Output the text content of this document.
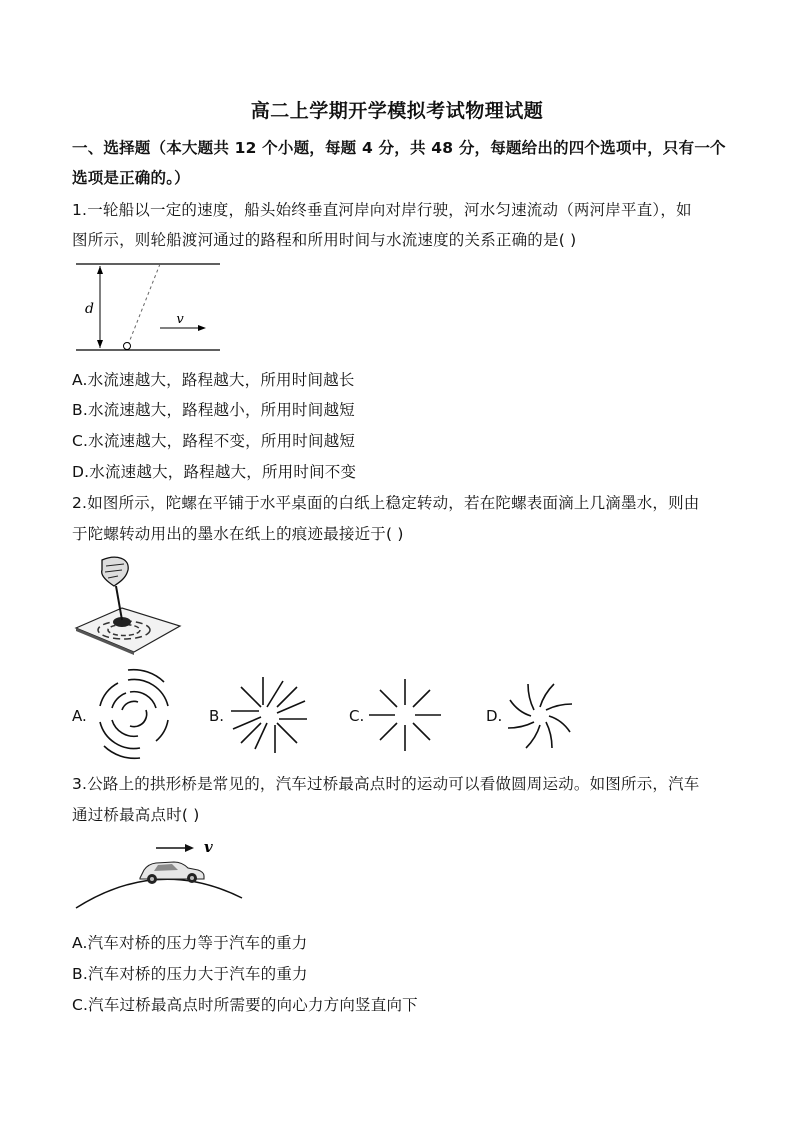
高二上学期开学模拟考试物理试题
一、选择题（本大题共 12 个小题，每题 4 分，共 48 分，每题给出的四个选项中，只有一个
选项是正确的。）
1.一轮船以一定的速度，船头始终垂直河岸向对岸行驶，河水匀速流动（两河岸平直），如
图所示，则轮船渡河通过的路程和所用时间与水流速度的关系正确的是( )
d
v
A.水流速越大，路程越大，所用时间越长
B.水流速越大，路程越小，所用时间越短
C.水流速越大，路程不变，所用时间越短
D.水流速越大，路程越大，所用时间不变
2.如图所示，陀螺在平铺于水平桌面的白纸上稳定转动，若在陀螺表面滴上几滴墨水，则由
于陀螺转动用出的墨水在纸上的痕迹最接近于( )
A.	B.	C.	D.
3.公路上的拱形桥是常见的，汽车过桥最高点时的运动可以看做圆周运动。如图所示，汽车
通过桥最高点时( )
v
A.汽车对桥的压力等于汽车的重力
B.汽车对桥的压力大于汽车的重力
C.汽车过桥最高点时所需要的向心力方向竖直向下
